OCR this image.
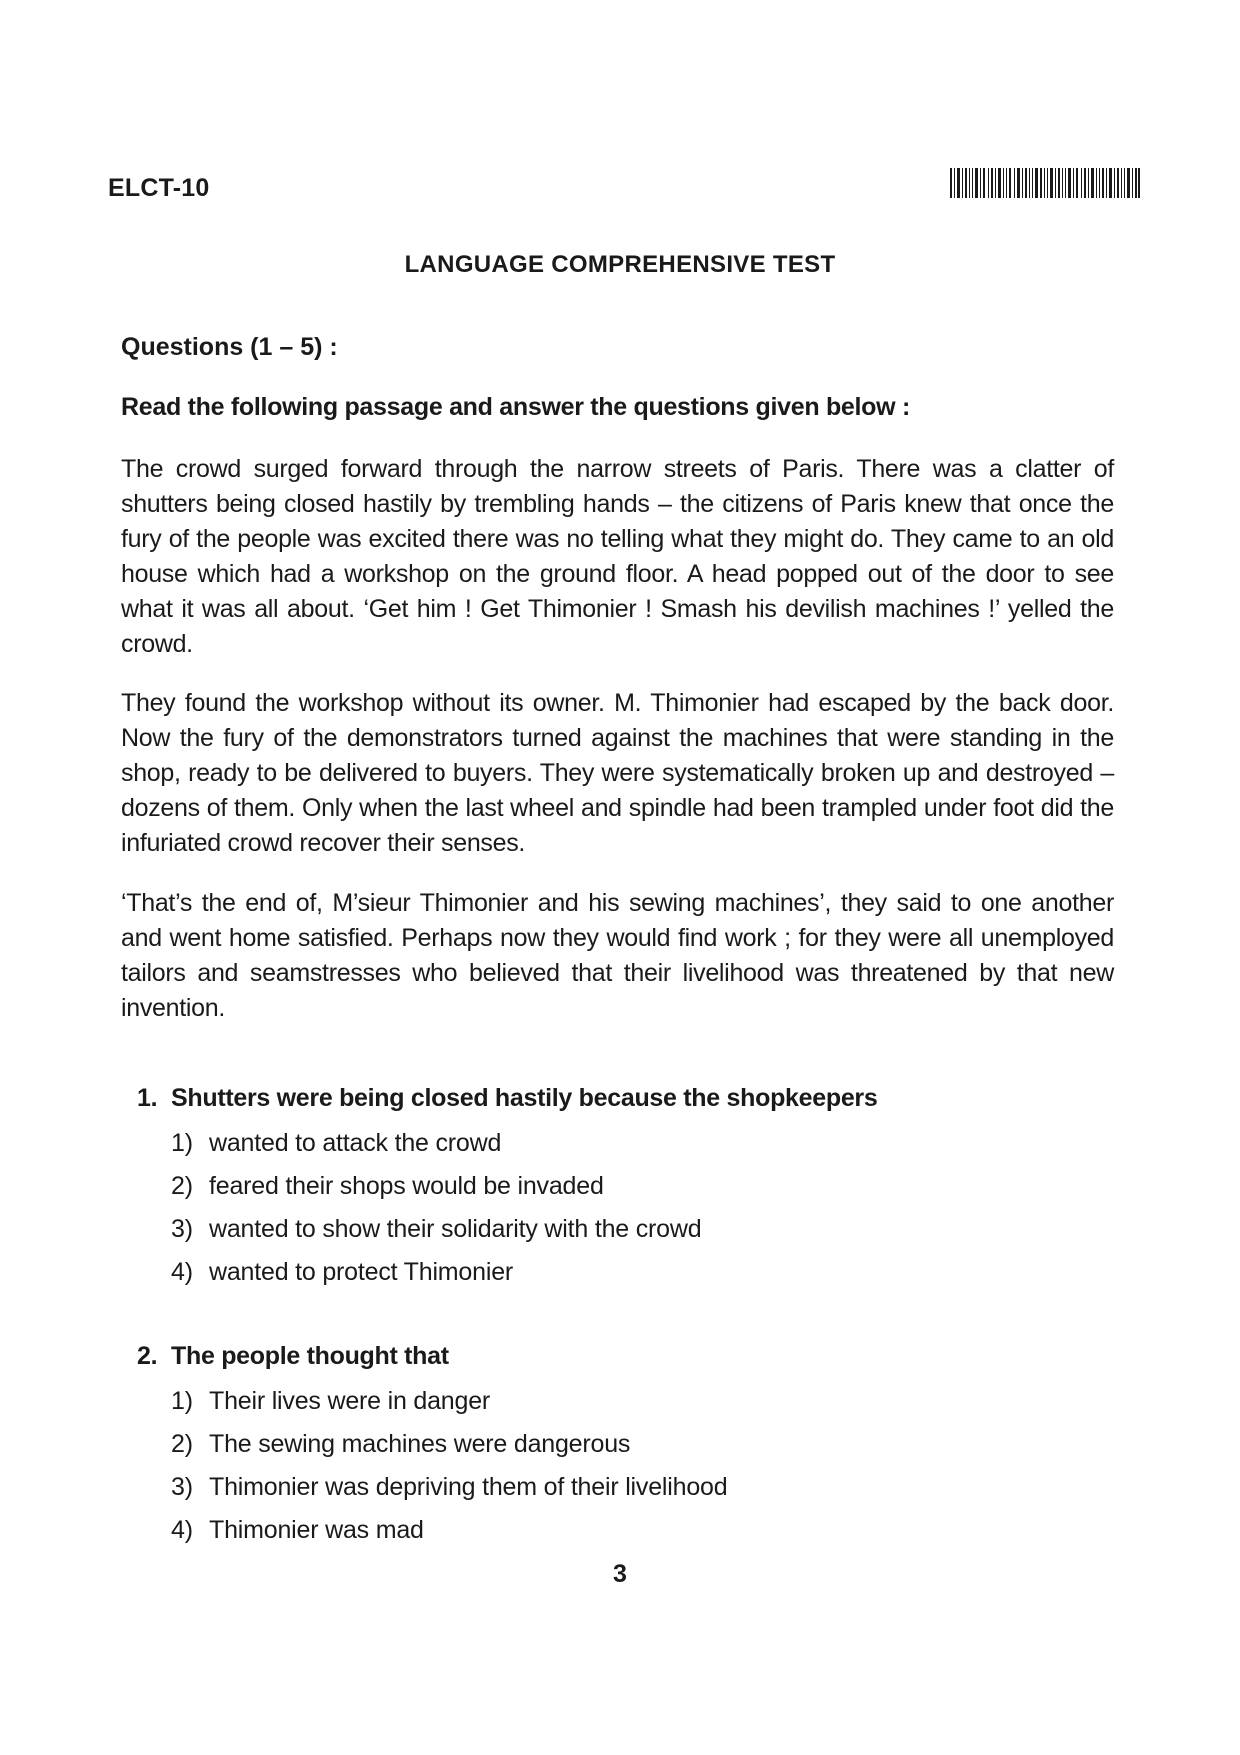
ELCT-10
LANGUAGE COMPREHENSIVE TEST
Questions (1 – 5) :
Read the following passage and answer the questions given below :

The crowd surged forward through the narrow streets of Paris. There was a clatter of shutters being closed hastily by trembling hands – the citizens of Paris knew that once the fury of the people was excited there was no telling what they might do. They came to an old house which had a workshop on the ground floor. A head popped out of the door to see what it was all about. ‘Get him ! Get Thimonier ! Smash his devilish machines !’ yelled the crowd.

They found the workshop without its owner. M. Thimonier had escaped by the back door. Now the fury of the demonstrators turned against the machines that were standing in the shop, ready to be delivered to buyers. They were systematically broken up and destroyed – dozens of them. Only when the last wheel and spindle had been trampled under foot did the infuriated crowd recover their senses.

‘That’s the end of, M’sieur Thimonier and his sewing machines’, they said to one another and went home satisfied. Perhaps now they would find work ; for they were all unemployed tailors and seamstresses who believed that their livelihood was threatened by that new invention.

1. Shutters were being closed hastily because the shopkeepers
1) wanted to attack the crowd
2) feared their shops would be invaded
3) wanted to show their solidarity with the crowd
4) wanted to protect Thimonier
2. The people thought that
1) Their lives were in danger
2) The sewing machines were dangerous
3) Thimonier was depriving them of their livelihood
4) Thimonier was mad
3
